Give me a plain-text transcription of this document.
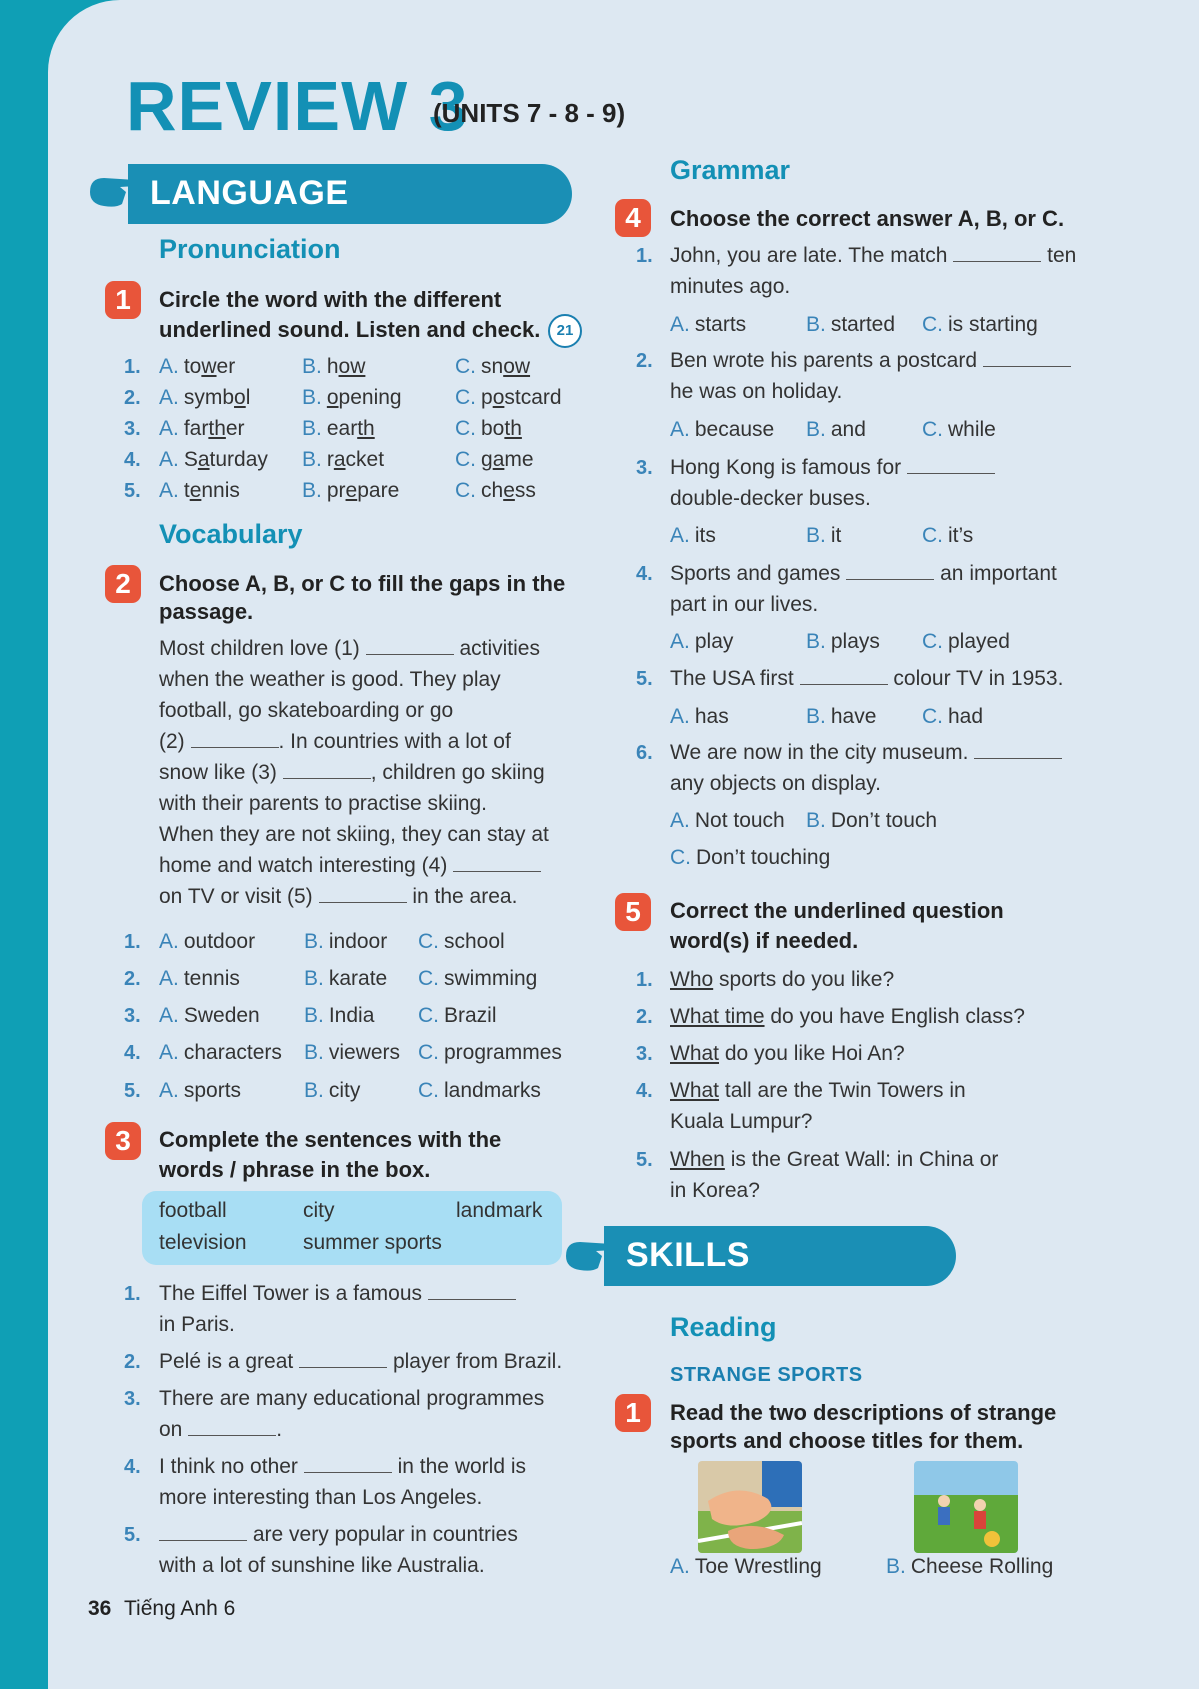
REVIEW 3
(UNITS 7 - 8 - 9)
LANGUAGE
Pronunciation
1	Circle the word with the different
underlined sound. Listen and check.	21
1. A. tower	B. how	C. snow
2. A. symbol B. opening	C. postcard
3. A. farther	B. earth	C. both
4. A. Saturday B. racket	C. game
5. A. tennis	B. prepare	C. chess
Vocabulary
2	Choose A, B, or C to fill the gaps in the
passage.
Most children love (1)	activities
when the weather is good. They play
football, go skateboarding or go
(2)	. In countries with a lot of
snow like (3)	, children go skiing
with their parents to practise skiing.
When they are not skiing, they can stay at
home and watch interesting (4)
on TV or visit (5)	in the area.
1. A. outdoor B. indoor C. school
2. A. tennis	B. karate C. swimming
3. A. Sweden B. India C. Brazil
4. A. characters B. viewers C. programmes
5. A. sports	B. city	C. landmarks
3	Complete the sentences with the
words / phrase in the box.
football	city	landmark
television	summer sports
1. The Eiffel Tower is a famous
in Paris.
2. Pelé is a great	player from Brazil.
3. There are many educational programmes
on	.
4. I think no other	in the world is
more interesting than Los Angeles.
5.	are very popular in countries
with a lot of sunshine like Australia.
36 Tiếng Anh 6
Grammar
4	Choose the correct answer A, B, or C.
1. John, you are late. The match	ten
minutes ago.
A. starts	B. started C. is starting
2. Ben wrote his parents a postcard
he was on holiday.
A. because B. and	C. while
3. Hong Kong is famous for
double-decker buses.
A. its	B. it	C. it’s
4. Sports and games	an important
part in our lives.
A. play	B. plays C. played
5. The USA first	colour TV in 1953.
A. has	B. have C. had
6. We are now in the city museum.
any objects on display.
A. Not touch B. Don’t touch
C. Don’t touching
5	Correct the underlined question
word(s) if needed.
1. Who sports do you like?
2. What time do you have English class?
3. What do you like Hoi An?
4. What tall are the Twin Towers in
Kuala Lumpur?
5. When is the Great Wall: in China or
in Korea?
SKILLS
Reading
STRANGE SPORTS
1	Read the two descriptions of strange
sports and choose titles for them.
A. Toe Wrestling	B. Cheese Rolling
